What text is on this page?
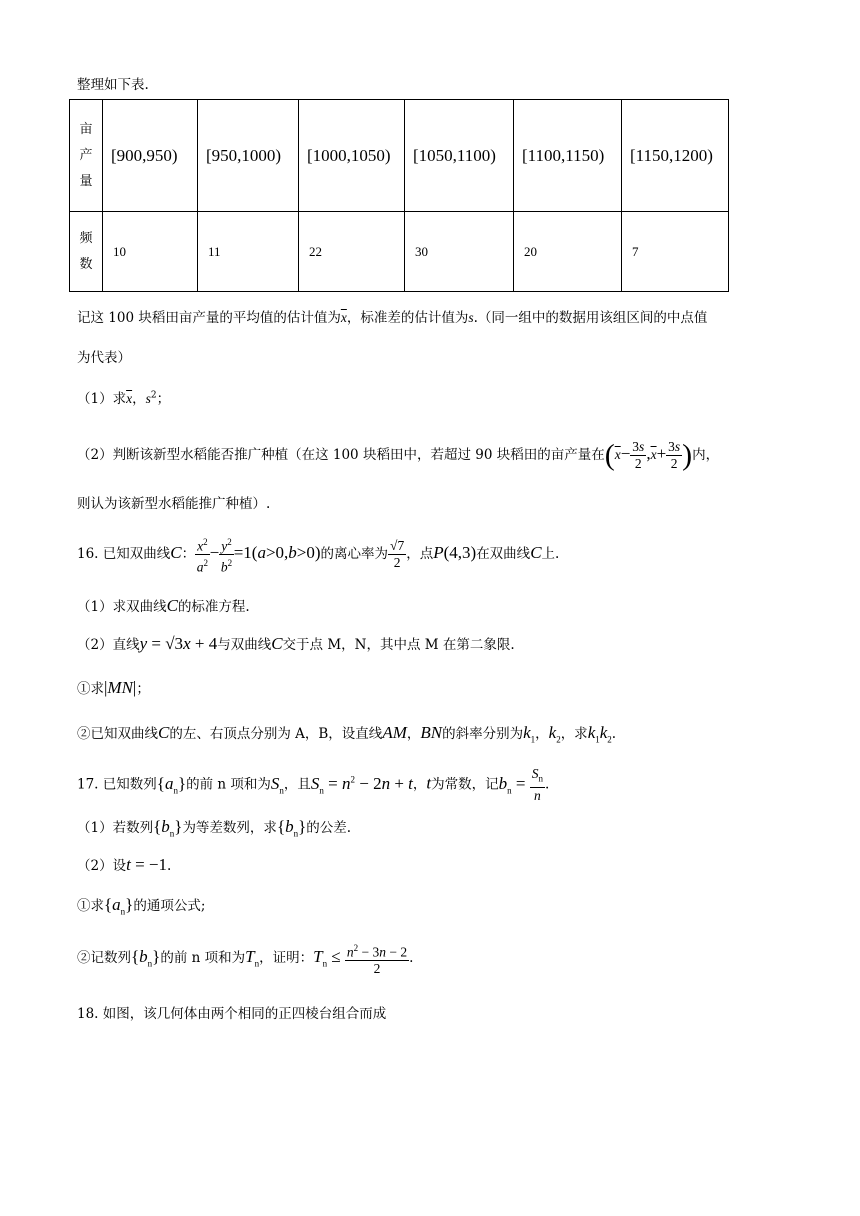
整理如下表.
亩
产
量	[900,950)	[950,1000)	[1000,1050)	[1050,1100)	[1100,1150)	[1150,1200)

频
数	10	11	22	30	20	7
记这 100 块稻田亩产量的平均值的估计值为$\overline{x}$，标准差的估计值为s.（同一组中的数据用该组区间的中点值
为代表）
（1）求$\overline{x}$，$s^2$；
（2）判断该新型水稻能否推广种植（在这 100 块稻田中，若超过 90 块稻田的亩产量在($\overline{x}- \frac{3s}{2} ,\overline{x}+ \frac{3s}{2}$ )内，
则认为该新型水稻能推广种植）.
16. 已知双曲线C： $\frac{x^2}{a^2} - \frac{y^2}{b^2} =1(a>0,b>0)$的离心率为 $\frac{√7}{2}$ ，点P(4,3)在双曲线C上.
（1）求双曲线C的标准方程.
（2）直线y = √3x + 4与双曲线C交于点 M，N，其中点 M 在第二象限.
①求|MN|；
②已知双曲线C的左、右顶点分别为 A，B，设直线AM，BN的斜率分别为$k_1$，$k_2$，求$k_1k_2$.
17. 已知数列$\{a_n\}$的前 n 项和为$S_n$，且$S_n = n^2 - 2n + t$，t为常数，记$b_n = \frac{S_n}{n}$ .
（1）若数列$\{b_n\}$为等差数列，求$\{b_n\}$的公差.
（2）设t = −1.
①求$\{a_n\}$的通项公式;
②记数列$\{b_n\}$的前 n 项和为$T_n$，证明：$T_n \le \frac{n^2 - 3n - 2}{2}$ .
18. 如图，该几何体由两个相同的正四棱台组合而成
